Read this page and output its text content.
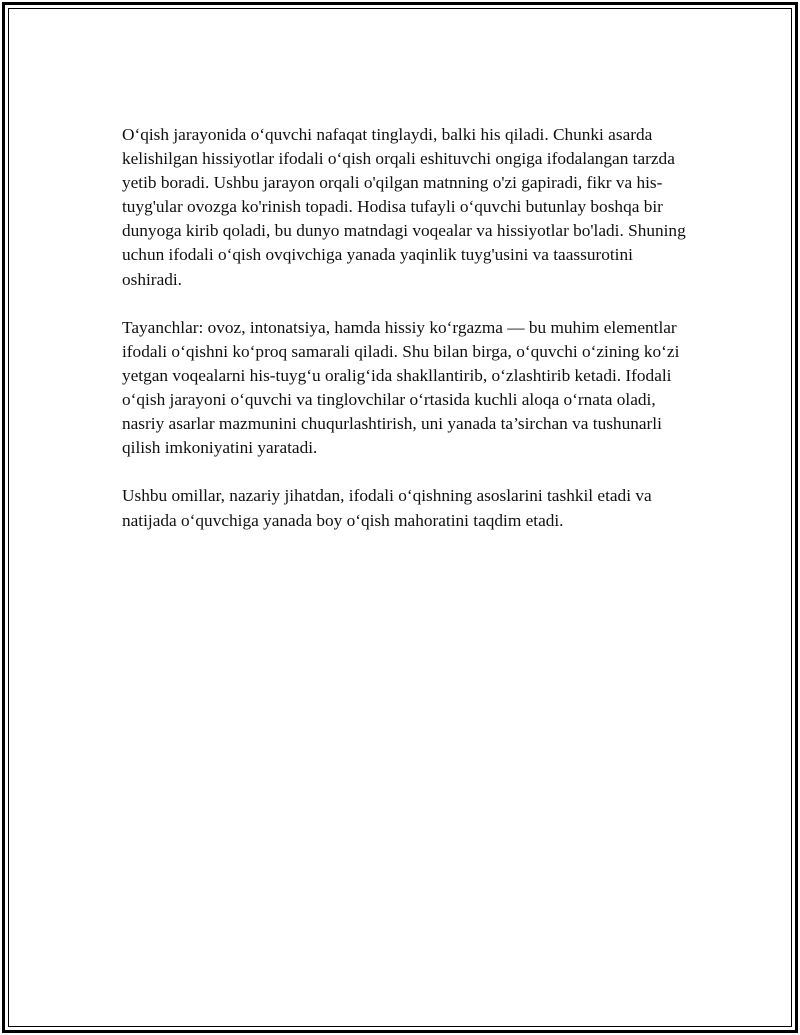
O‘qish jarayonida o‘quvchi nafaqat tinglaydi, balki his qiladi. Chunki asarda kelishilgan hissiyotlar ifodali o‘qish orqali eshituvchi ongiga ifodalangan tarzda yetib boradi. Ushbu jarayon orqali o'qilgan matnning o'zi gapiradi, fikr va his-tuyg'ular ovozga ko'rinish topadi. Hodisa tufayli o‘quvchi butunlay boshqa bir dunyoga kirib qoladi, bu dunyo matndagi voqealar va hissiyotlar bo'ladi. Shuning uchun ifodali o‘qish ovqivchiga yanada yaqinlik tuyg'usini va taassurotini oshiradi.

Tayanchlar: ovoz, intonatsiya, hamda hissiy ko‘rgazma — bu muhim elementlar ifodali o‘qishni ko‘proq samarali qiladi. Shu bilan birga, o‘quvchi o‘zining ko‘zi yetgan voqealarni his-tuyg‘u oralig‘ida shakllantirib, o‘zlashtirib ketadi. Ifodali o‘qish jarayoni o‘quvchi va tinglovchilar o‘rtasida kuchli aloqa o‘rnata oladi, nasriy asarlar mazmunini chuqurlashtirish, uni yanada ta’sirchan va tushunarli qilish imkoniyatini yaratadi.

Ushbu omillar, nazariy jihatdan, ifodali o‘qishning asoslarini tashkil etadi va natijada o‘quvchiga yanada boy o‘qish mahoratini taqdim etadi.
